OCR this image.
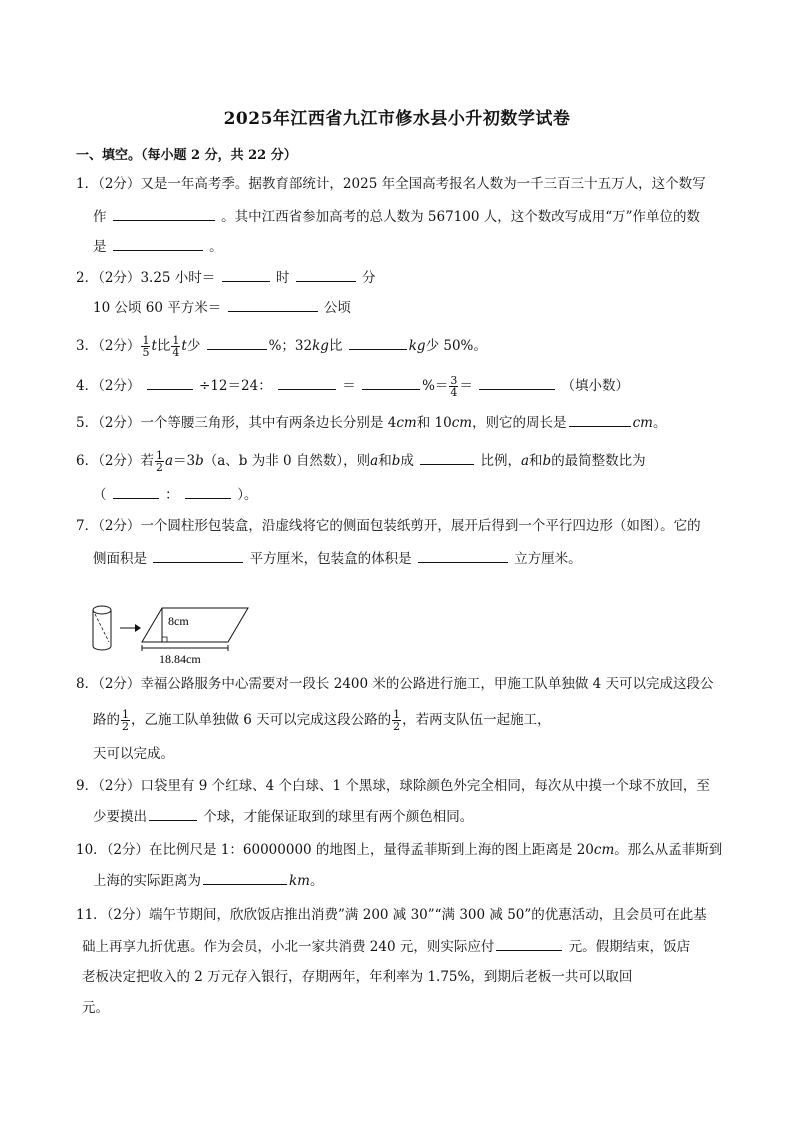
2025年江西省九江市修水县小升初数学试卷
一、填空。（每小题 2 分，共 22 分）
1．（2分）又是一年高考季。据教育部统计，2025 年全国高考报名人数为一千三百三十五万人，这个数写
作	。其中江西省参加高考的总人数为 567100 人，这个数改写成用“万”作单位的数
是	。
2．（2分）3.25 小时＝	时	分
10 公顷 60 平方米＝	公顷
3．（2分） $\frac{1}{5}$ t比 $\frac{1}{4}$ t少	%；32kg比	kg少 50%。
4．（2分）	÷12＝24：	＝	%＝ $\frac{3}{4}$ ＝	（填小数）
5．（2分）一个等腰三角形，其中有两条边长分别是 4cm和 10cm，则它的周长是	cm。
6．（2分）若 $\frac{1}{2} a=3b(a$、b 为非 0 自然数），则a和b成	比例，a和b的最简整数比为
（	：	）。
7．（2分）一个圆柱形包装盒，沿虚线将它的侧面包装纸剪开，展开后得到一个平行四边形（如图）。它的
侧面积是	平方厘米，包装盒的体积是	立方厘米。
8cm
18.84cm
8．（2分）幸福公路服务中心需要对一段长 2400 米的公路进行施工，甲施工队单独做 4 天可以完成这段公
路的 $\frac{1}{2}$ ，乙施工队单独做 6 天可以完成这段公路的 $\frac{1}{2}$ ，若两支队伍一起施工，
天可以完成。
9．（2分）口袋里有 9 个红球、4 个白球、1 个黑球，球除颜色外完全相同，每次从中摸一个球不放回，至
少要摸出	个球，才能保证取到的球里有两个颜色相同。
10．（2分）在比例尺是 1：60000000 的地图上，量得孟菲斯到上海的图上距离是 20cm。那么从孟菲斯到
上海的实际距离为	km。
11．（2分）端午节期间，欣欣饭店推出消费”满 200 减 30”“满 300 减 50”的优惠活动，且会员可在此基
础上再享九折优惠。作为会员，小北一家共消费 240 元，则实际应付	元。假期结束，饭店
老板决定把收入的 2 万元存入银行，存期两年，年利率为 1.75%，到期后老板一共可以取回
元。
